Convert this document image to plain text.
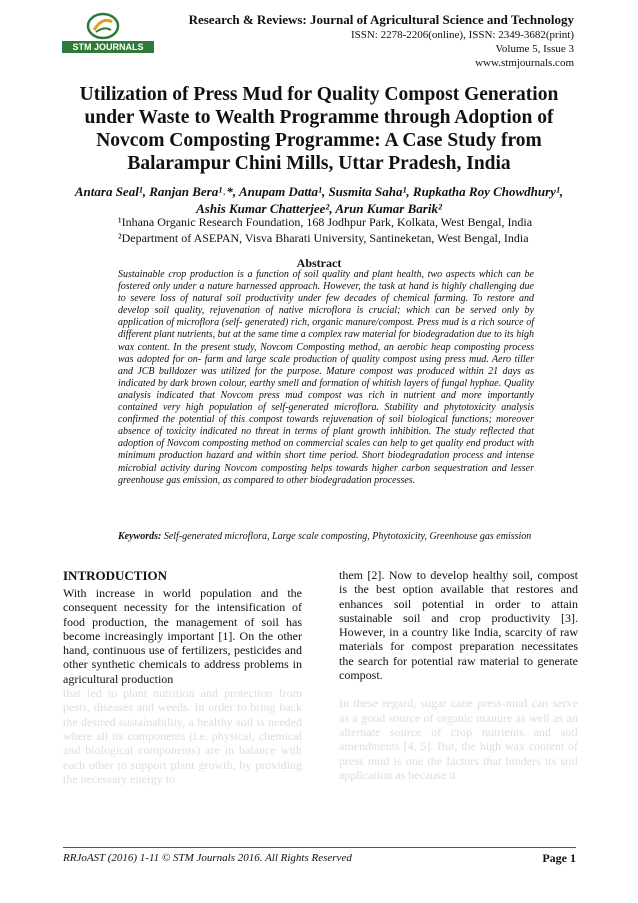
STM JOURNALS
Research & Reviews: Journal of Agricultural Science and Technology
ISSN: 2278-2206(online), ISSN: 2349-3682(print)
Volume 5, Issue 3
www.stmjournals.com
Utilization of Press Mud for Quality Compost Generation
under Waste to Wealth Programme through Adoption of
Novcom Composting Programme: A Case Study from
Balarampur Chini Mills, Uttar Pradesh, India
Antara Seal¹, Ranjan Bera¹˒*, Anupam Datta¹, Susmita Saha¹, Rupkatha Roy Chowdhury¹,
Ashis Kumar Chatterjee², Arun Kumar Barik²
¹Inhana Organic Research Foundation, 168 Jodhpur Park, Kolkata, West Bengal, India
²Department of ASEPAN, Visva Bharati University, Santineketan, West Bengal, India
Abstract
Sustainable crop production is a function of soil quality and plant health, two aspects which can be fostered only under a nature harnessed approach. However, the task at hand is highly challenging due to severe loss of natural soil productivity under few decades of chemical farming. To restore and develop soil quality, rejuvenation of native microflora is crucial; which can be served only by application of microflora (self- generated) rich, organic manure/compost. Press mud is a rich source of different plant nutrients, but at the same time a complex raw material for biodegradation due to its high wax content. In the present study, Novcom Composting method, an aerobic heap composting process was adopted for on- farm and large scale production of quality compost using press mud. Aero tiller and JCB bulldozer was utilized for the purpose. Mature compost was produced within 21 days as indicated by dark brown colour, earthy smell and formation of whitish layers of fungal hyphae. Quality analysis indicated that Novcom press mud compost was rich in nutrient and more importantly contained very high population of self-generated microflora. Stability and phytotoxicity analysis confirmed the potential of this compost towards rejuvenation of soil biological functions; moreover absence of toxicity indicated no threat in terms of plant growth inhibition. The study reflected that adoption of Novcom composting method on commercial scales can help to get quality end product with minimum production hazard and within short time period. Short biodegradation process and intense microbial activity during Novcom composting helps towards higher carbon sequestration and lesser greenhouse gas emission, as compared to other biodegradation processes.
Keywords: Self-generated microflora, Large scale composting, Phytotoxicity, Greenhouse gas emission
INTRODUCTION

With increase in world population and the consequent necessity for the intensification of food production, the management of soil has become increasingly important [1]. On the other hand, continuous use of fertilizers, pesticides and other synthetic chemicals to address problems in agricultural production

that led to plant nutrition and protection from pests, diseases and weeds. In order to bring back the desired sustainability, a healthy soil is needed where all its components (i.e. physical, chemical and biological components) are in balance with each other to support plant growth, by providing the necessary energy to

them [2]. Now to develop healthy soil, compost is the best option available that restores and enhances soil potential in order to attain sustainable soil and crop productivity [3]. However, in a country like India, scarcity of raw materials for compost preparation necessitates the search for potential raw material to generate compost.

In these regard, sugar cane press-mud can serve as a good source of organic manure as well as an alternate source of crop nutrients and soil amendments [4, 5]. But, the high wax content of press mud is one the factors that hinders its soil application as because it

RRJoAST (2016) 1-11 © STM Journals 2016. All Rights Reserved	Page 1
